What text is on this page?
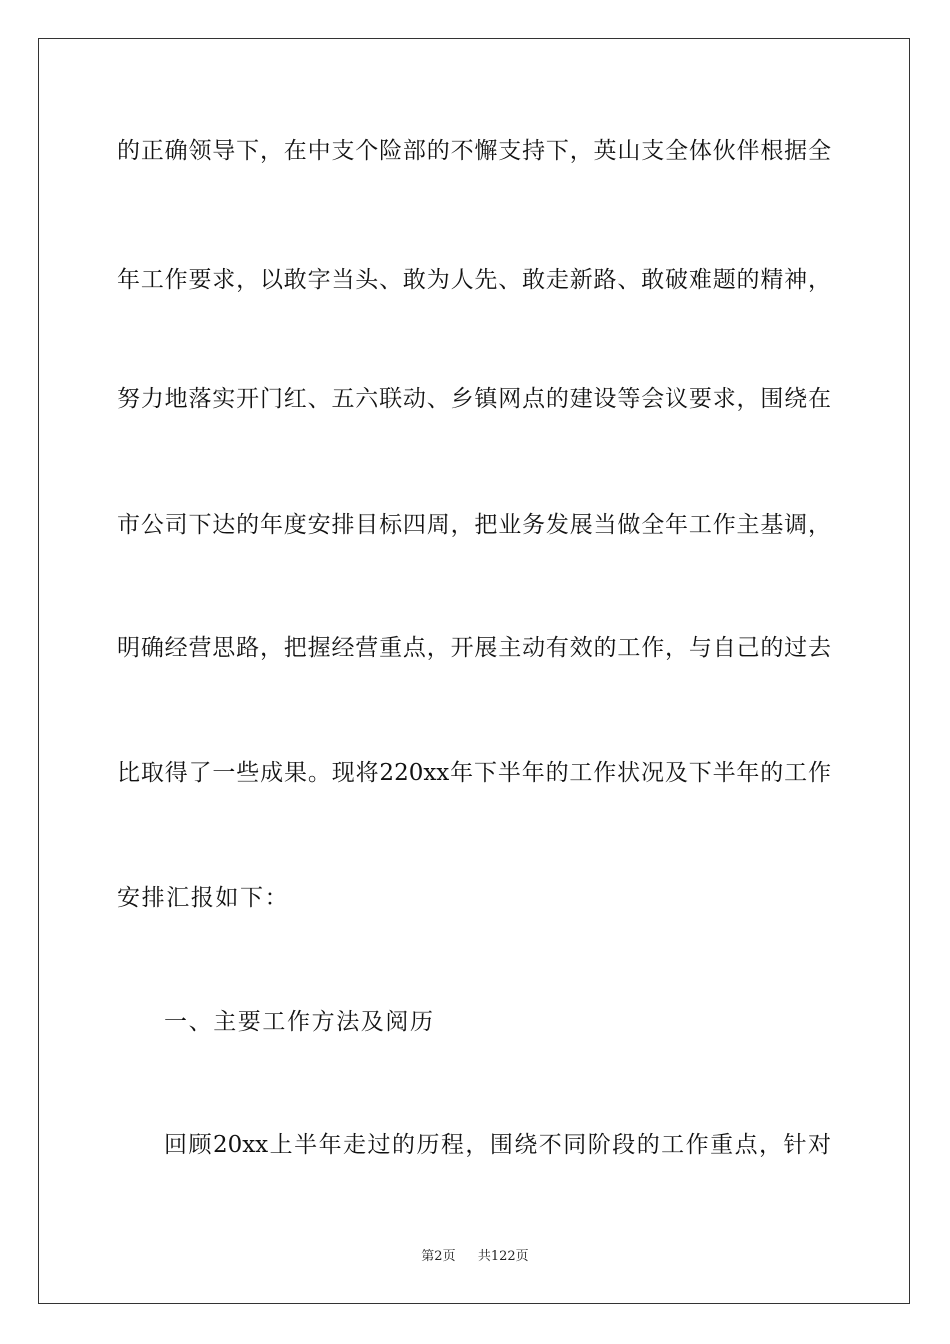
的正确领导下，在中支个险部的不懈支持下，英山支全体伙伴根据全
年工作要求，以敢字当头、敢为人先、敢走新路、敢破难题的精神，
努力地落实开门红、五六联动、乡镇网点的建设等会议要求，围绕在
市公司下达的年度安排目标四周，把业务发展当做全年工作主基调，
明确经营思路，把握经营重点，开展主动有效的工作，与自己的过去
比取得了一些成果。现将220xx年下半年的工作状况及下半年的工作
安排汇报如下：
一、主要工作方法及阅历
回顾20xx上半年走过的历程，围绕不同阶段的工作重点，针对
第2页 共122页
